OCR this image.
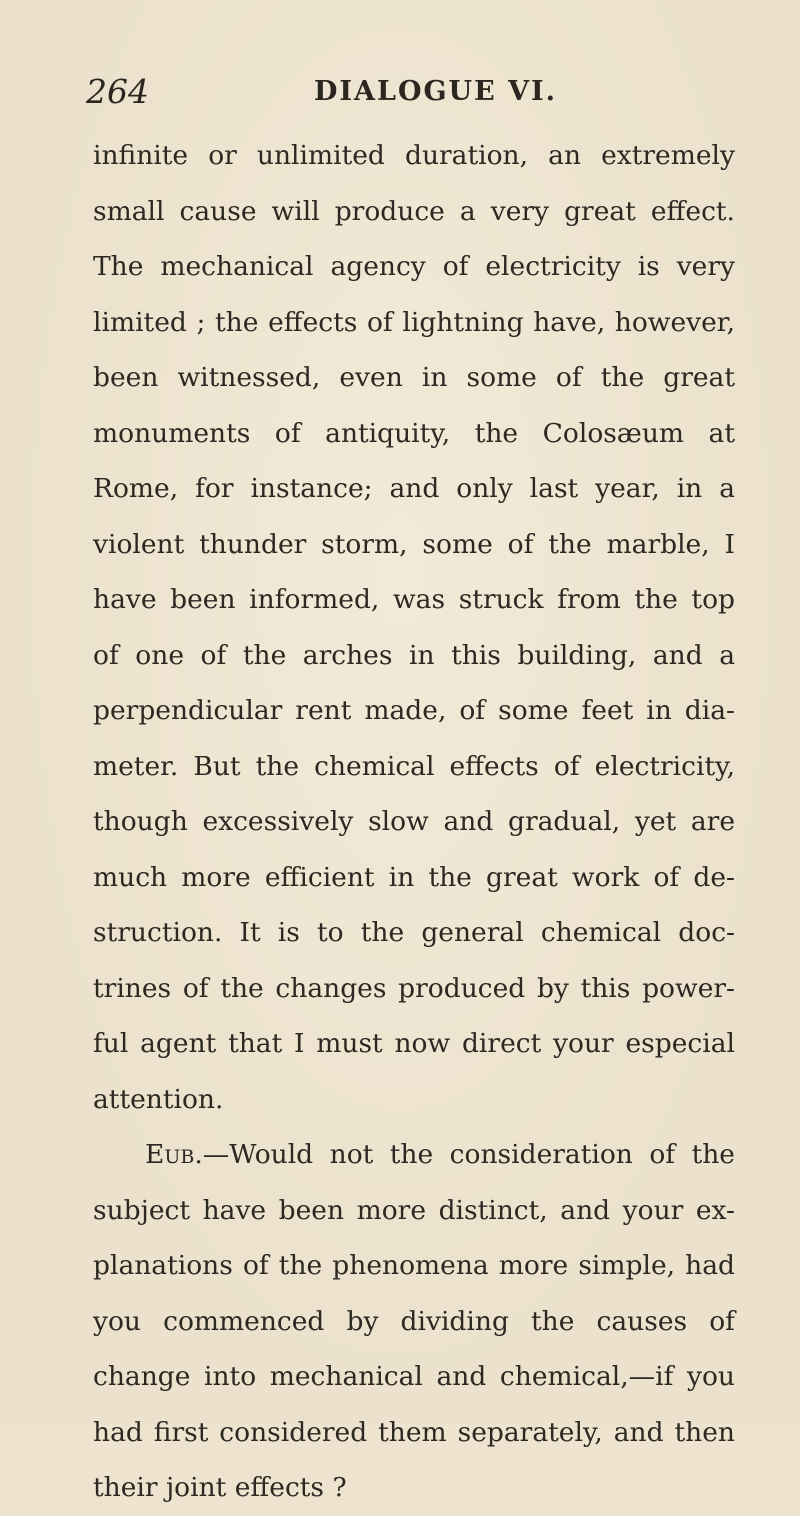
264	DIALOGUE VI.
infinite or unlimited duration, an extremely
small cause will produce a very great effect.
The mechanical agency of electricity is very
limited ; the effects of lightning have, however,
been witnessed, even in some of the great
monuments of antiquity, the Colosæum at
Rome, for instance; and only last year, in a
violent thunder storm, some of the marble, I
have been informed, was struck from the top
of one of the arches in this building, and a
perpendicular rent made, of some feet in dia-
meter. But the chemical effects of electricity,
though excessively slow and gradual, yet are
much more efficient in the great work of de-
struction. It is to the general chemical doc-
trines of the changes produced by this power-
ful agent that I must now direct your especial
attention.
Eub.—Would not the consideration of the
subject have been more distinct, and your ex-
planations of the phenomena more simple, had
you commenced by dividing the causes of
change into mechanical and chemical,—if you
had first considered them separately, and then
their joint effects ?
